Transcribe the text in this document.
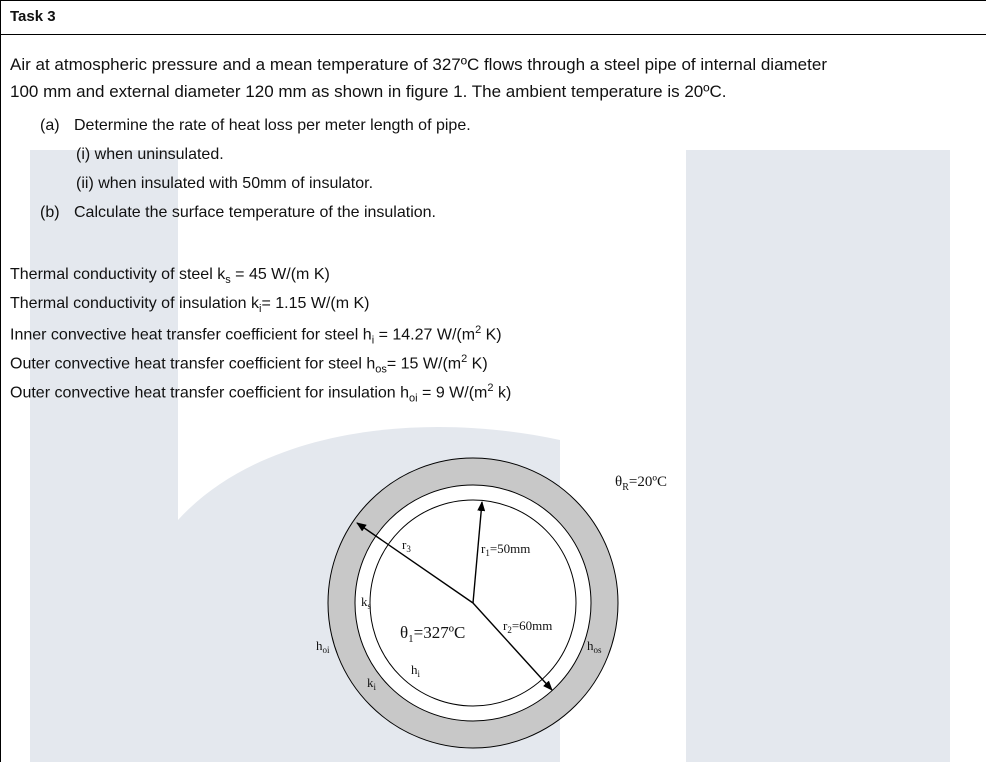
Task 3
Air at atmospheric pressure and a mean temperature of 327ºC flows through a steel pipe of internal diameter
100 mm and external diameter 120 mm as shown in figure 1. The ambient temperature is 20ºC.
(a) Determine the rate of heat loss per meter length of pipe.
(i) when uninsulated.
(ii) when insulated with 50mm of insulator.
(b) Calculate the surface temperature of the insulation.
Thermal conductivity of steel $k_s = 45$ W/(m K)
Thermal conductivity of insulation $k_i= 1.15$ W/(m K)
Inner convective heat transfer coefficient for steel $h_i = 14.27$ $W/(m^2$ K)
Outer convective heat transfer coefficient for steel $h_{os}= 15$ $W/(m^2$ K)
Outer convective heat transfer coefficient for insulation $h_{oi} = 9$ $W/(m^2$ k)
$\theta_R=20ºC$
$r_3$	$r_1=50mm$
$k_s$
$r_2=60mm$
$\theta_1=327ºC$
$h_{oi}$	$h_{os}$
$h_i$
$k_i$
